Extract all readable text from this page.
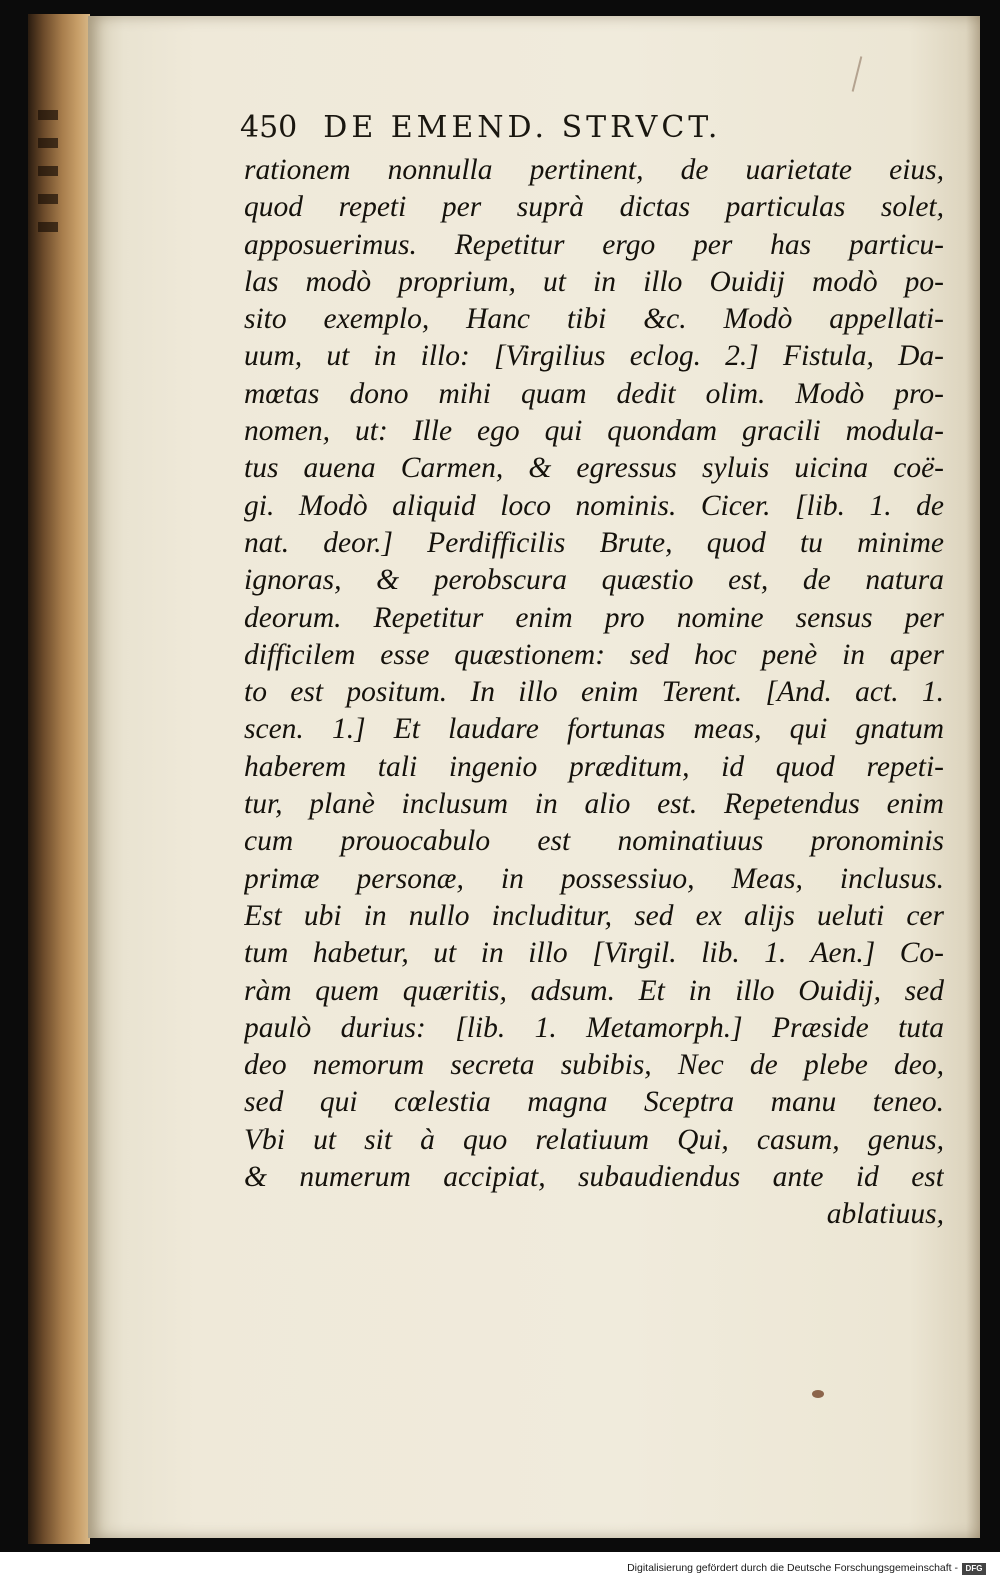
450 DE EMEND. STRVCT.
rationem nonnulla pertinent, de uarietate eius,
quod repeti per suprà dictas particulas solet,
apposuerimus. Repetitur ergo per has particu-
las modò proprium, ut in illo Ouidij modò po-
sito exemplo, Hanc tibi &c. Modò appellati-
uum, ut in illo: [Virgilius eclog. 2.] Fistula, Da-
mœtas dono mihi quam dedit olim. Modò pro-
nomen, ut: Ille ego qui quondam gracili modula-
tus auena Carmen, & egressus syluis uicina coë-
gi. Modò aliquid loco nominis. Cicer. [lib. 1. de
nat. deor.] Perdifficilis Brute, quod tu minime
ignoras, & perobscura quæstio est, de natura
deorum. Repetitur enim pro nomine sensus per
difficilem esse quæstionem: sed hoc penè in aper
to est positum. In illo enim Terent. [And. act. 1.
scen. 1.] Et laudare fortunas meas, qui gnatum
haberem tali ingenio præditum, id quod repeti-
tur, planè inclusum in alio est. Repetendus enim
cum prouocabulo est nominatiuus pronominis
primæ personæ, in possessiuo, Meas, inclusus.
Est ubi in nullo includitur, sed ex alijs ueluti cer
tum habetur, ut in illo [Virgil. lib. 1. Aen.] Co-
ràm quem quæritis, adsum. Et in illo Ouidij, sed
paulò durius: [lib. 1. Metamorph.] Præside tuta
deo nemorum secreta subibis, Nec de plebe deo,
sed qui cœlestia magna Sceptra manu teneo.
Vbi ut sit à quo relatiuum Qui, casum, genus,
& numerum accipiat, subaudiendus ante id est
ablatiuus,
Digitalisierung gefördert durch die Deutsche Forschungsgemeinschaft - DFG
